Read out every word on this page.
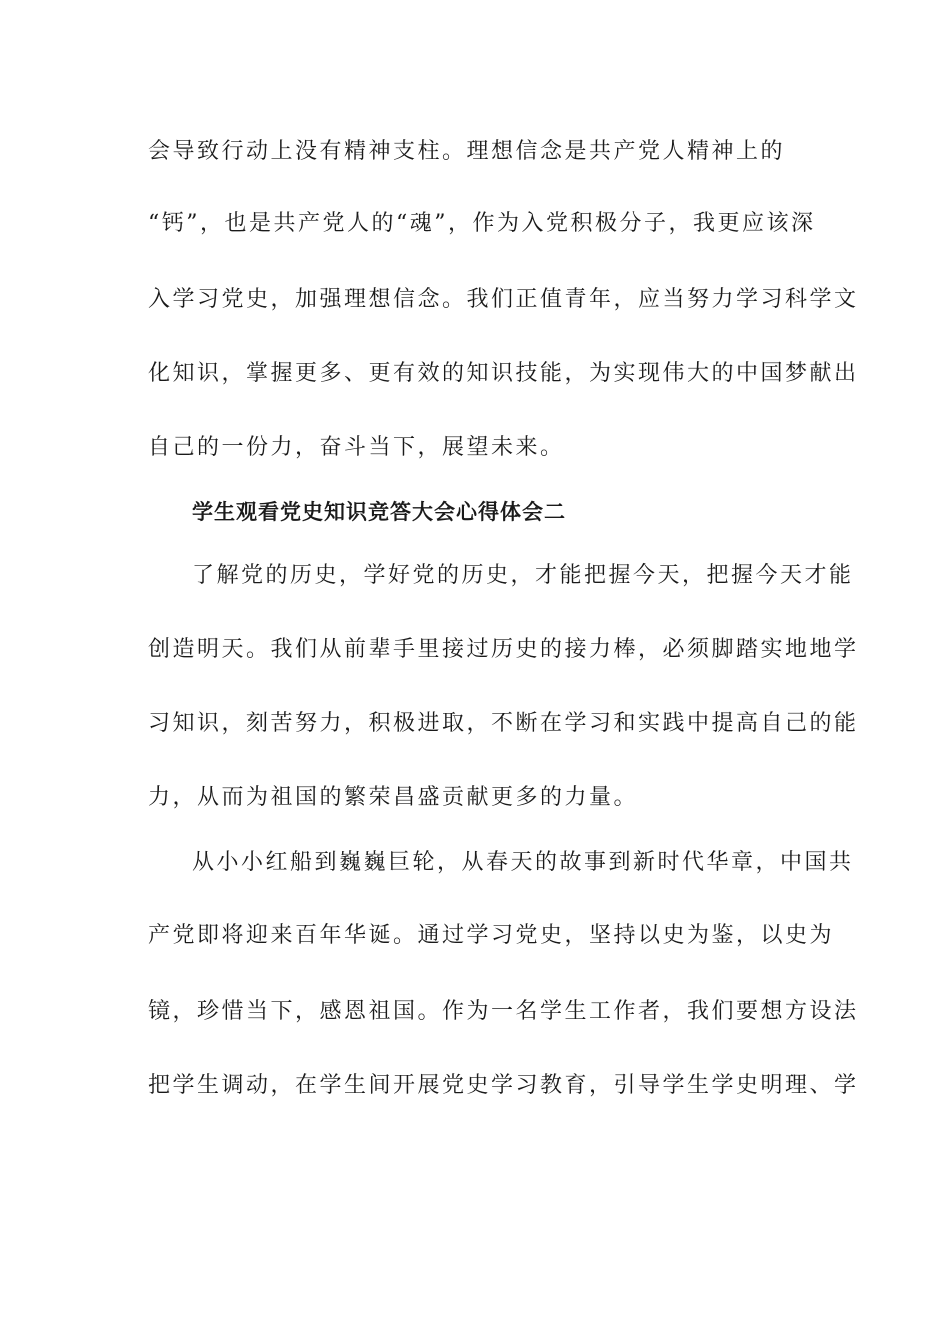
会导致行动上没有精神支柱。理想信念是共产党人精神上的
“钙”，也是共产党人的“魂”，作为入党积极分子，我更应该深
入学习党史，加强理想信念。我们正值青年，应当努力学习科学文
化知识，掌握更多、更有效的知识技能，为实现伟大的中国梦献出
自己的一份力，奋斗当下，展望未来。
学生观看党史知识竞答大会心得体会二
了解党的历史，学好党的历史，才能把握今天，把握今天才能
创造明天。我们从前辈手里接过历史的接力棒，必须脚踏实地地学
习知识，刻苦努力，积极进取，不断在学习和实践中提高自己的能
力，从而为祖国的繁荣昌盛贡献更多的力量。
从小小红船到巍巍巨轮，从春天的故事到新时代华章，中国共
产党即将迎来百年华诞。通过学习党史，坚持以史为鉴，以史为
镜，珍惜当下，感恩祖国。作为一名学生工作者，我们要想方设法
把学生调动，在学生间开展党史学习教育，引导学生学史明理、学
